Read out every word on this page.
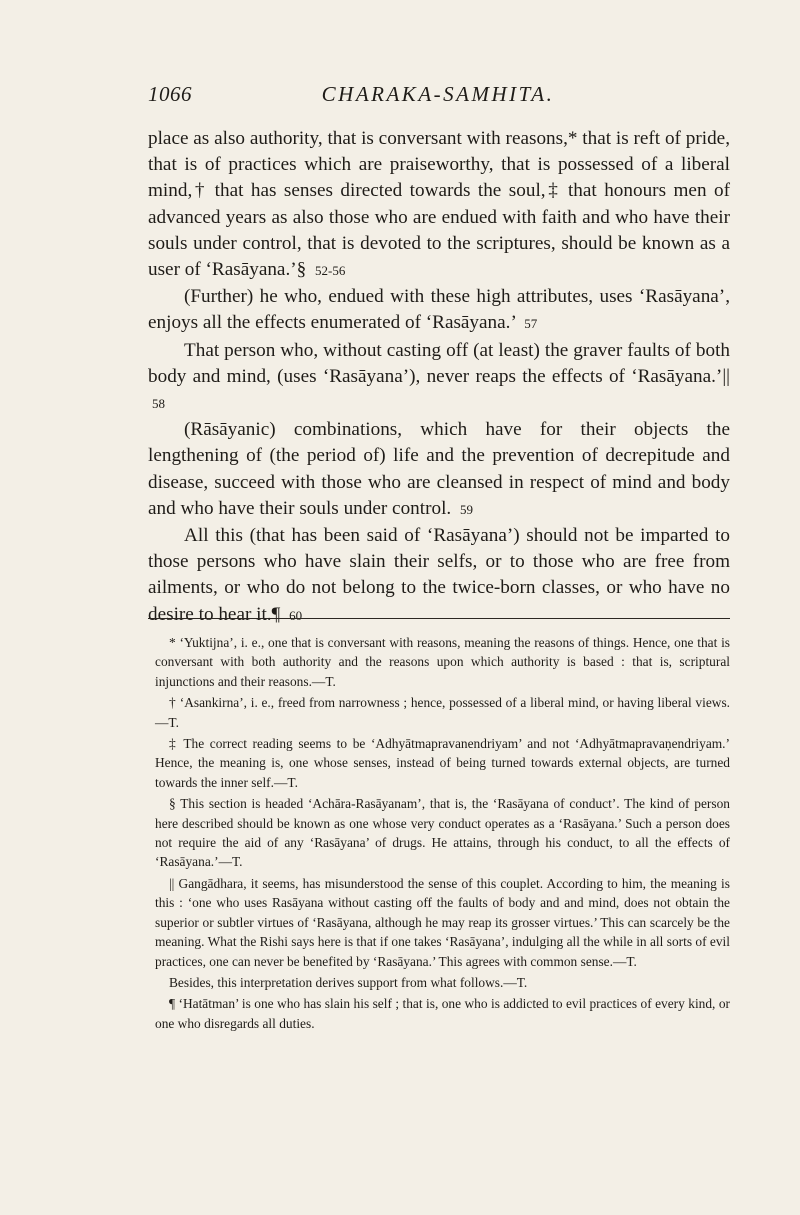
1066	CHARAKA-SAMHITA.

place as also authority, that is conversant with reasons,* that is reft of pride, that is of practices which are praiseworthy, that is possessed of a liberal mind,† that has senses directed towards the soul,‡ that honours men of advanced years as also those who are endued with faith and who have their souls under control, that is devoted to the scriptures, should be known as a user of ‘Rasāyana.’§ 52-56

(Further) he who, endued with these high attributes, uses ‘Rasāyana’, enjoys all the effects enumerated of ‘Rasāyana.’ 57

That person who, without casting off (at least) the graver faults of both body and mind, (uses ‘Rasāyana’), never reaps the effects of ‘Rasāyana.’|| 58

(Rāsāyanic) combinations, which have for their objects the lengthening of (the period of) life and the prevention of decrepitude and disease, succeed with those who are cleansed in respect of mind and body and who have their souls under control. 59

All this (that has been said of ‘Rasāyana’) should not be imparted to those persons who have slain their selfs, or to those who are free from ailments, or who do not belong to the twice-born classes, or who have no desire to hear it.¶ 60

* ‘Yuktijna’, i. e., one that is conversant with reasons, meaning the reasons of things. Hence, one that is conversant with both authority and the reasons upon which authority is based : that is, scriptural injunctions and their reasons.—T.

† ‘Asankirna’, i. e., freed from narrowness ; hence, possessed of a liberal mind, or having liberal views.—T.

‡ The correct reading seems to be ‘Adhyātmapravanendriyam’ and not ‘Adhyātmapravaṇendriyam.’ Hence, the meaning is, one whose senses, instead of being turned towards external objects, are turned towards the inner self.—T.

§ This section is headed ‘Achāra-Rasāyanam’, that is, the ‘Rasāyana of conduct’. The kind of person here described should be known as one whose very conduct operates as a ‘Rasāyana.’ Such a person does not require the aid of any ‘Rasāyana’ of drugs. He attains, through his conduct, to all the effects of ‘Rasāyana.’—T.

|| Gangādhara, it seems, has misunderstood the sense of this couplet. According to him, the meaning is this : ‘one who uses Rasāyana without casting off the faults of body and and mind, does not obtain the superior or subtler virtues of ‘Rasāyana, although he may reap its grosser virtues.’ This can scarcely be the meaning. What the Rishi says here is that if one takes ‘Rasāyana’, indulging all the while in all sorts of evil practices, one can never be benefited by ‘Rasāyana.’ This agrees with common sense.—T.

Besides, this interpretation derives support from what follows.—T.

¶ ‘Hatātman’ is one who has slain his self ; that is, one who is addicted to evil practices of every kind, or one who disregards all duties.
